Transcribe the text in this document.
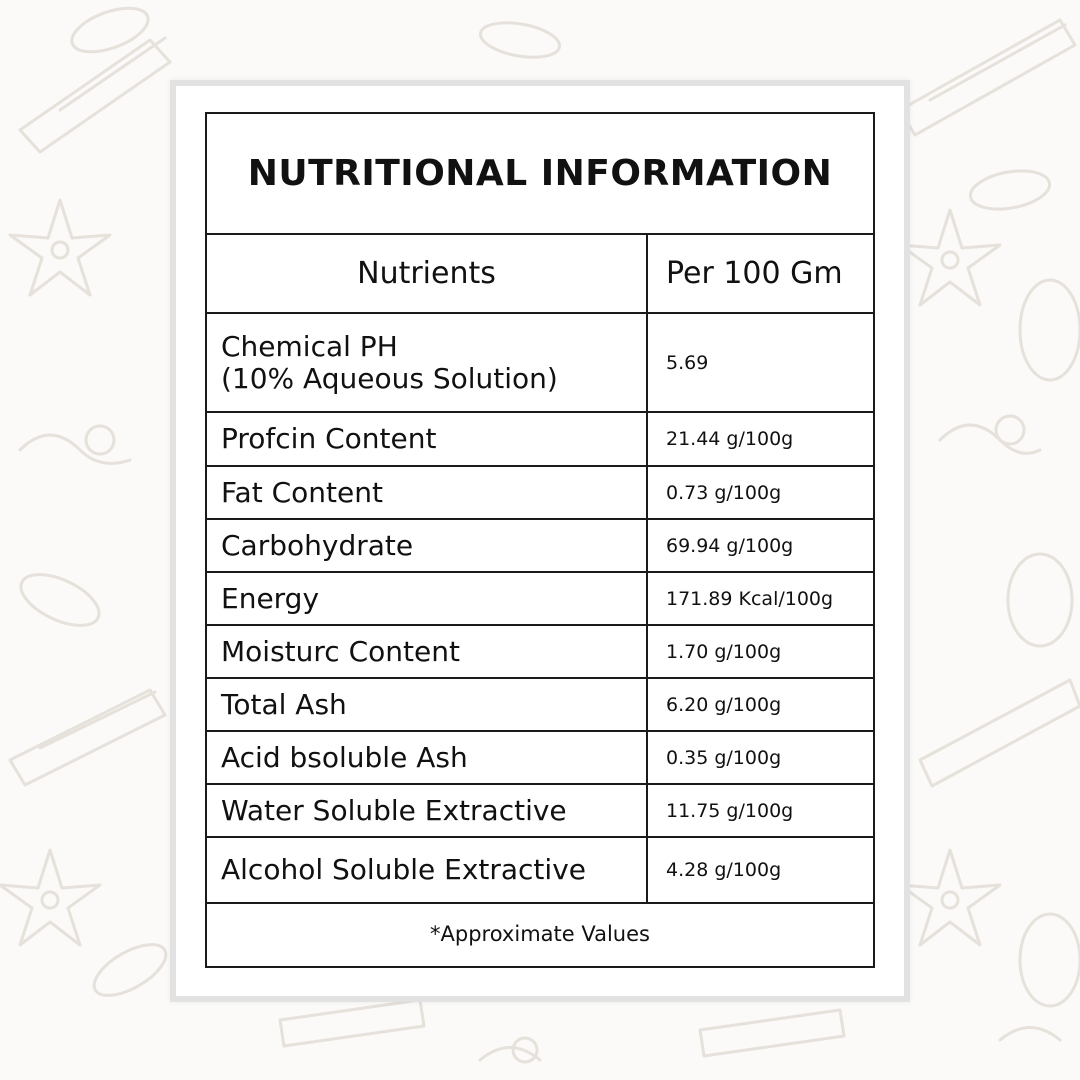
NUTRITIONAL INFORMATION
Nutrients	Per 100 Gm
Chemical PH
(10% Aqueous Solution)	5.69
Profcin Content	21.44 g/100g
Fat Content	0.73 g/100g
Carbohydrate	69.94 g/100g
Energy	171.89 Kcal/100g
Moisturc Content	1.70 g/100g
Total Ash	6.20 g/100g
Acid bsoluble Ash	0.35 g/100g
Water Soluble Extractive	11.75 g/100g
Alcohol Soluble Extractive	4.28 g/100g
*Approximate Values
